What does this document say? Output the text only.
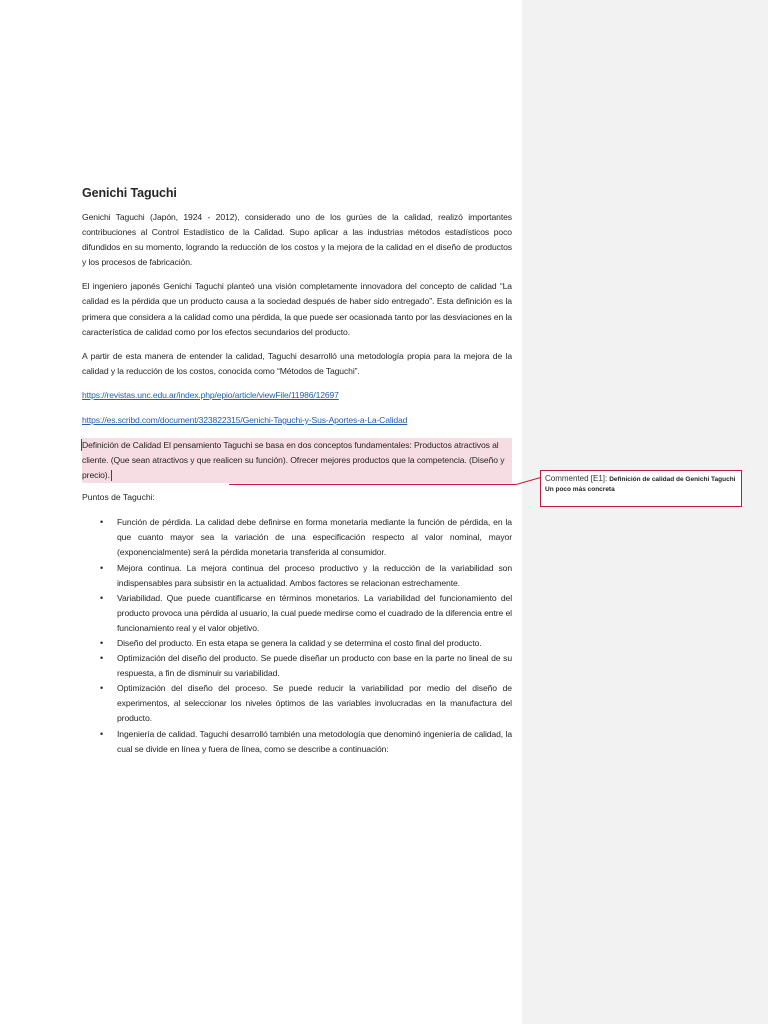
Genichi Taguchi

Genichi Taguchi (Japón, 1924 - 2012), considerado uno de los gurúes de la calidad, realizó importantes contribuciones al Control Estadístico de la Calidad. Supo aplicar a las industrias métodos estadísticos poco difundidos en su momento, logrando la reducción de los costos y la mejora de la calidad en el diseño de productos y los procesos de fabricación.

El ingeniero japonés Genichi Taguchi planteó una visión completamente innovadora del concepto de calidad “La calidad es la pérdida que un producto causa a la sociedad después de haber sido entregado”. Esta definición es la primera que considera a la calidad como una pérdida, la que puede ser ocasionada tanto por las desviaciones en la característica de calidad como por los efectos secundarios del producto.

A partir de esta manera de entender la calidad, Taguchi desarrolló una metodología propia para la mejora de la calidad y la reducción de los costos, conocida como “Métodos de Taguchi”.

https://revistas.unc.edu.ar/index.php/epio/article/viewFile/11986/12697
https://es.scribd.com/document/323822315/Genichi-Taguchi-y-Sus-Aportes-a-La-Calidad
Definición de Calidad El pensamiento Taguchi se basa en dos conceptos fundamentales: Productos atractivos al cliente. (Que sean atractivos y que realicen su función). Ofrecer mejores productos que la competencia. (Diseño y precio).
Puntos de Taguchi:
• Función de pérdida. La calidad debe definirse en forma monetaria mediante la función de pérdida, en la que cuanto mayor sea la variación de una especificación respecto al valor nominal, mayor (exponencialmente) será la pérdida monetaria transferida al consumidor.
• Mejora continua. La mejora continua del proceso productivo y la reducción de la variabilidad son indispensables para subsistir en la actualidad. Ambos factores se relacionan estrechamente.
• Variabilidad. Que puede cuantificarse en términos monetarios. La variabilidad del funcionamiento del producto provoca una pérdida al usuario, la cual puede medirse como el cuadrado de la diferencia entre el funcionamiento real y el valor objetivo.
• Diseño del producto. En esta etapa se genera la calidad y se determina el costo final del producto.
• Optimización del diseño del producto. Se puede diseñar un producto con base en la parte no lineal de su respuesta, a fin de disminuir su variabilidad.
• Optimización del diseño del proceso. Se puede reducir la variabilidad por medio del diseño de experimentos, al seleccionar los niveles óptimos de las variables involucradas en la manufactura del producto.
• Ingeniería de calidad. Taguchi desarrolló también una metodología que denominó ingeniería de calidad, la cual se divide en línea y fuera de línea, como se describe a continuación:
Commented [E1]: Definición de calidad de Genichi Taguchi
Un poco más concreta
